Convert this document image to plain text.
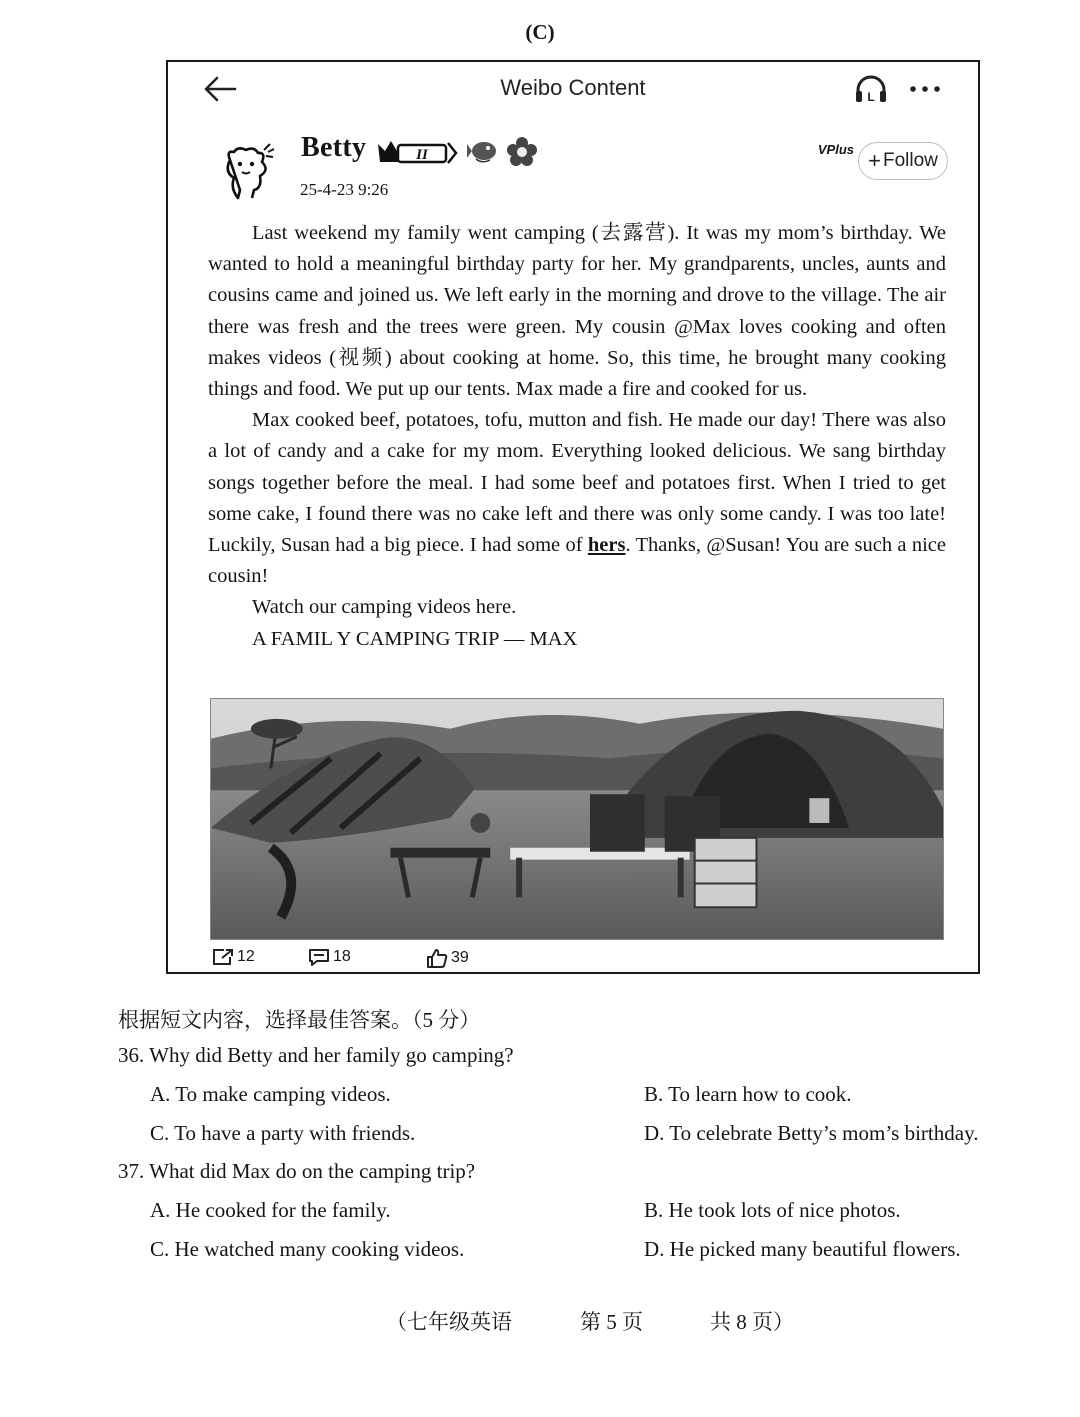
(C)
Weibo Content	L
Betty	II
25-4-23 9:26
VPlus + Follow

Last weekend my family went camping (去露营). It was my mom’s birthday. We wanted to hold a meaningful birthday party for her. My grandparents, uncles, aunts and cousins came and joined us. We left early in the morning and drove to the village. The air there was fresh and the trees were green. My cousin @Max loves cooking and often makes videos (视频) about cooking at home. So, this time, he brought many cooking things and food. We put up our tents. Max made a fire and cooked for us.

Max cooked beef, potatoes, tofu, mutton and fish. He made our day! There was also a lot of candy and a cake for my mom. Everything looked delicious. We sang birthday songs together before the meal. I had some beef and potatoes first. When I tried to get some cake, I found there was no cake left and there was only some candy. I was too late! Luckily, Susan had a big piece. I had some of hers. Thanks, @Susan! You are such a nice cousin!

Watch our camping videos here.

A FAMIL Y CAMPING TRIP — MAX

12	18	39
根据短文内容，选择最佳答案。（5 分）
36. Why did Betty and her family go camping?
A. To make camping videos.	B. To learn how to cook.
C. To have a party with friends.	D. To celebrate Betty’s mom’s birthday.
37. What did Max do on the camping trip?
A. He cooked for the family.	B. He took lots of nice photos.
C. He watched many cooking videos.	D. He picked many beautiful flowers.
（七年级英语	第 5 页	共 8 页）
